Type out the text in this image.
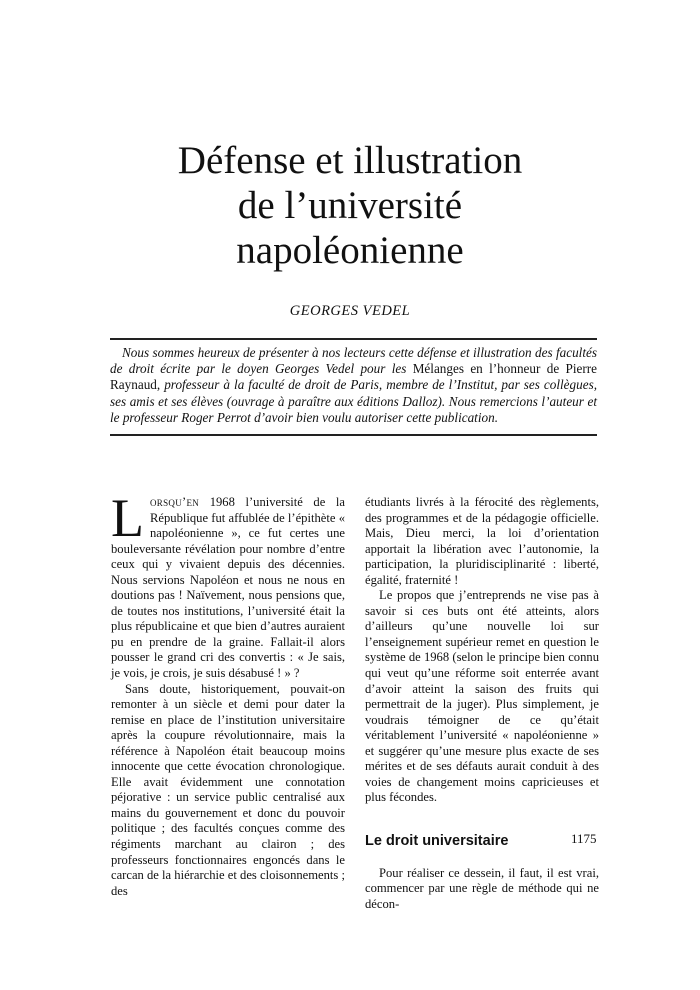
Défense et illustration
de l’université
napoléonienne
GEORGES VEDEL
Nous sommes heureux de présenter à nos lecteurs cette défense et illustration des facultés de droit écrite par le doyen Georges Vedel pour les Mélanges en l’honneur de Pierre Raynaud, professeur à la faculté de droit de Paris, membre de l’Institut, par ses collègues, ses amis et ses élèves (ouvrage à paraître aux éditions Dalloz). Nous remercions l’auteur et le professeur Roger Perrot d’avoir bien voulu autoriser cette publication.

Lorsqu’en 1968 l’université de la République fut affublée de l’épithète « napoléonienne », ce fut certes une bouleversante révélation pour nombre d’entre ceux qui y vivaient depuis des décennies. Nous servions Napoléon et nous ne nous en doutions pas ! Naïvement, nous pensions que, de toutes nos institutions, l’université était la plus républicaine et que bien d’autres auraient pu en prendre de la graine. Fallait-il alors pousser le grand cri des convertis : « Je sais, je vois, je crois, je suis désabusé ! » ?

Sans doute, historiquement, pouvait-on remonter à un siècle et demi pour dater la remise en place de l’institution universitaire après la coupure révolutionnaire, mais la référence à Napoléon était beaucoup moins innocente que cette évocation chronologique. Elle avait évidemment une connotation péjorative : un service public centralisé aux mains du gouvernement et donc du pouvoir politique ; des facultés conçues comme des régiments marchant au clairon ; des professeurs fonctionnaires engoncés dans le carcan de la hiérarchie et des cloisonnements ; des

étudiants livrés à la férocité des règlements, des programmes et de la pédagogie officielle. Mais, Dieu merci, la loi d’orientation apportait la libération avec l’autonomie, la participation, la pluridisciplinarité : liberté, égalité, fraternité !

Le propos que j’entreprends ne vise pas à savoir si ces buts ont été atteints, alors d’ailleurs qu’une nouvelle loi sur l’enseignement supérieur remet en question le système de 1968 (selon le principe bien connu qui veut qu’une réforme soit enterrée avant d’avoir atteint la saison des fruits qui permettrait de la juger). Plus simplement, je voudrais témoigner de ce qu’était véritablement l’université « napoléonienne » et suggérer qu’une mesure plus exacte de ses mérites et de ses défauts aurait conduit à des voies de changement moins capricieuses et plus fécondes.

Le droit universitaire

Pour réaliser ce dessein, il faut, il est vrai, commencer par une règle de méthode qui ne décon-

1175
